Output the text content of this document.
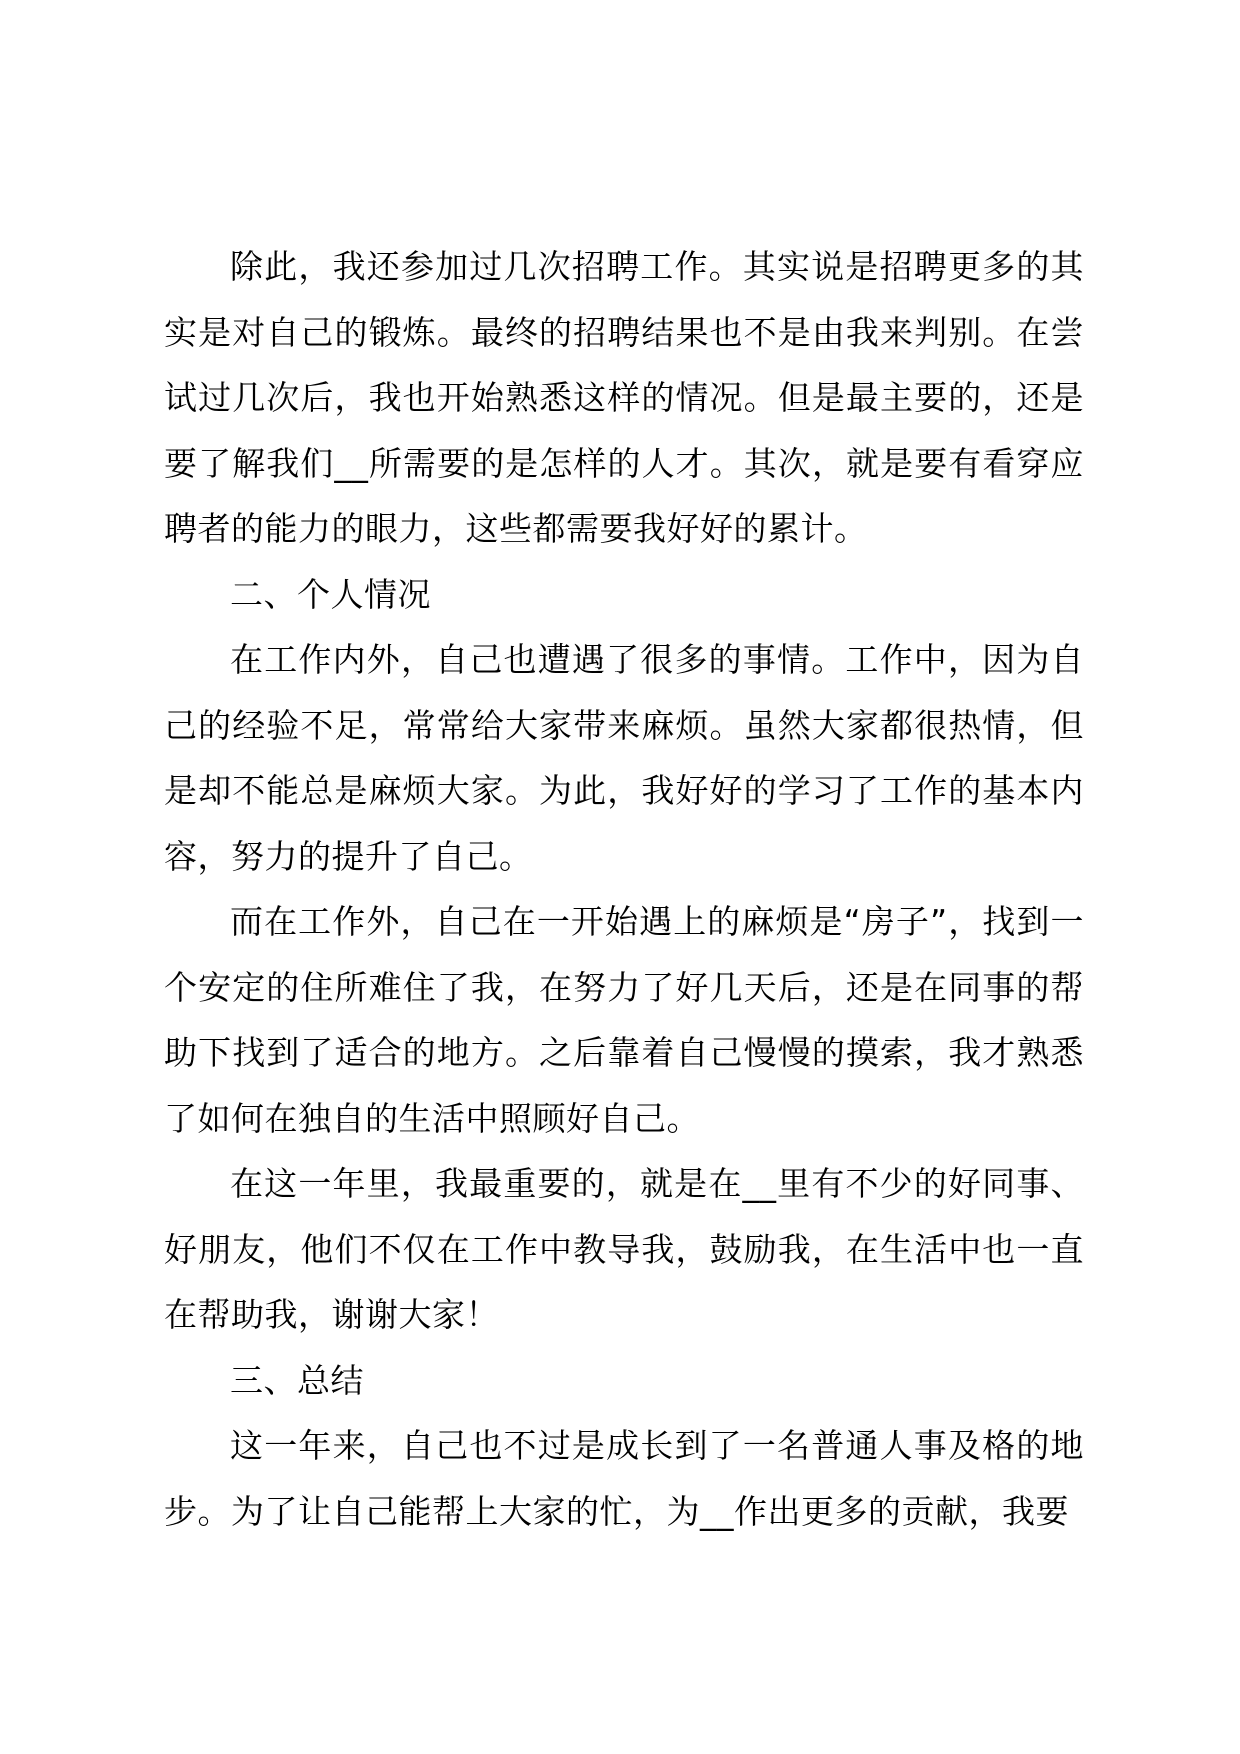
除此，我还参加过几次招聘工作。其实说是招聘更多的其实是对自己的锻炼。最终的招聘结果也不是由我来判别。在尝试过几次后，我也开始熟悉这样的情况。但是最主要的，还是要了解我们__所需要的是怎样的人才。其次，就是要有看穿应聘者的能力的眼力，这些都需要我好好的累计。

二、个人情况

在工作内外，自己也遭遇了很多的事情。工作中，因为自己的经验不足，常常给大家带来麻烦。虽然大家都很热情，但是却不能总是麻烦大家。为此，我好好的学习了工作的基本内容，努力的提升了自己。

而在工作外，自己在一开始遇上的麻烦是“房子”，找到一个安定的住所难住了我，在努力了好几天后，还是在同事的帮助下找到了适合的地方。之后靠着自己慢慢的摸索，我才熟悉了如何在独自的生活中照顾好自己。

在这一年里，我最重要的，就是在__里有不少的好同事、好朋友，他们不仅在工作中教导我，鼓励我，在生活中也一直在帮助我，谢谢大家！

三、总结

这一年来，自己也不过是成长到了一名普通人事及格的地步。为了让自己能帮上大家的忙，为__作出更多的贡献，我要
